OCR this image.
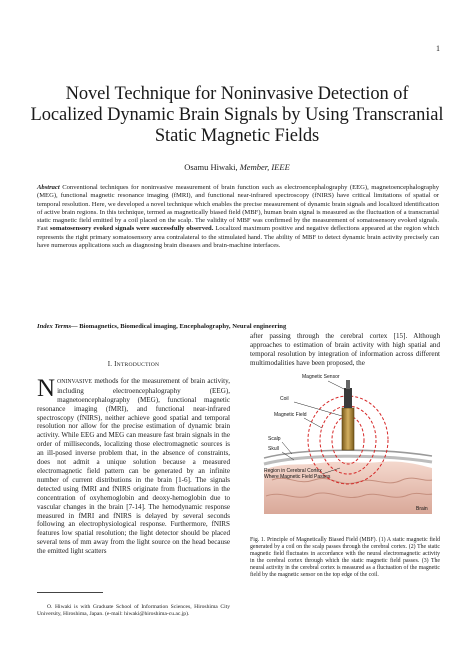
1
Novel Technique for Noninvasive Detection of Localized Dynamic Brain Signals by Using Transcranial Static Magnetic Fields
Osamu Hiwaki, Member, IEEE

Abstract Conventional techniques for noninvasive measurement of brain function such as electroencephalography (EEG), magnetoencephalography (MEG), functional magnetic resonance imaging (fMRI), and functional near-infrared spectroscopy (fNIRS) have critical limitations of spatial or temporal resolution. Here, we developed a novel technique which enables the precise measurement of dynamic brain signals and localized identification of active brain regions. In this technique, termed as magnetically biased field (MBF), human brain signal is measured as the fluctuation of a transcranial static magnetic field emitted by a coil placed on the scalp. The validity of MBF was confirmed by the measurement of somatosensory evoked signals. Fast somatosensory evoked signals were successfully observed. Localized maximum positive and negative deflections appeared at the region which represents the right primary somatosensory area contralateral to the stimulated hand. The ability of MBF to detect dynamic brain activity precisely can have numerous applications such as diagnosing brain diseases and brain-machine interfaces.

Index Terms— Biomagnetics, Biomedical imaging, Encephalography, Neural engineering

I. INTRODUCTION

NONINVASIVE methods for the measurement of brain activity, including electroencephalography (EEG), magnetoencephalography (MEG), functional magnetic resonance imaging (fMRI), and functional near-infrared spectroscopy (fNIRS), neither achieve good spatial and temporal resolution nor allow for the precise estimation of dynamic brain activity. While EEG and MEG can measure fast brain signals in the order of milliseconds, localizing those electromagnetic sources is an ill-posed inverse problem that, in the absence of constraints, does not admit a unique solution because a measured electromagnetic field pattern can be generated by an infinite number of current distributions in the brain [1-6]. The signals detected using fMRI and fNIRS originate from fluctuations in the concentration of oxyhemoglobin and deoxy-hemoglobin due to vascular changes in the brain [7-14]. The hemodynamic response measured in fMRI and fNIRS is delayed by several seconds following an electrophysiological response. Furthermore, fNIRS features low spatial resolution; the light detector should be placed several tens of mm away from the light source on the head because the emitted light scatters

O. Hiwaki is with Graduate School of Information Sciences, Hiroshima City University, Hiroshima, Japan. (e-mail: hiwaki@hiroshima-cu.ac.jp).

after passing through the cerebral cortex [15]. Although approaches to estimation of brain activity with high spatial and temporal resolution by integration of information across different multimodalities have been proposed, the

Magnetic Sensor
Coil
Magnetic Field
Scalp
Skull
Region in Cerebral Cortex
Where Magnetic Field Passes
Brain

Fig. 1. Principle of Magnetically Biased Field (MBF). (1) A static magnetic field generated by a coil on the scalp passes through the cerebral cortex. (2) The static magnetic field fluctuates in accordance with the neural electromagnetic activity in the cerebral cortex through which the static magnetic field passes. (3) The neural activity in the cerebral cortex is measured as a fluctuation of the magnetic field by the magnetic sensor on the top edge of the coil.
